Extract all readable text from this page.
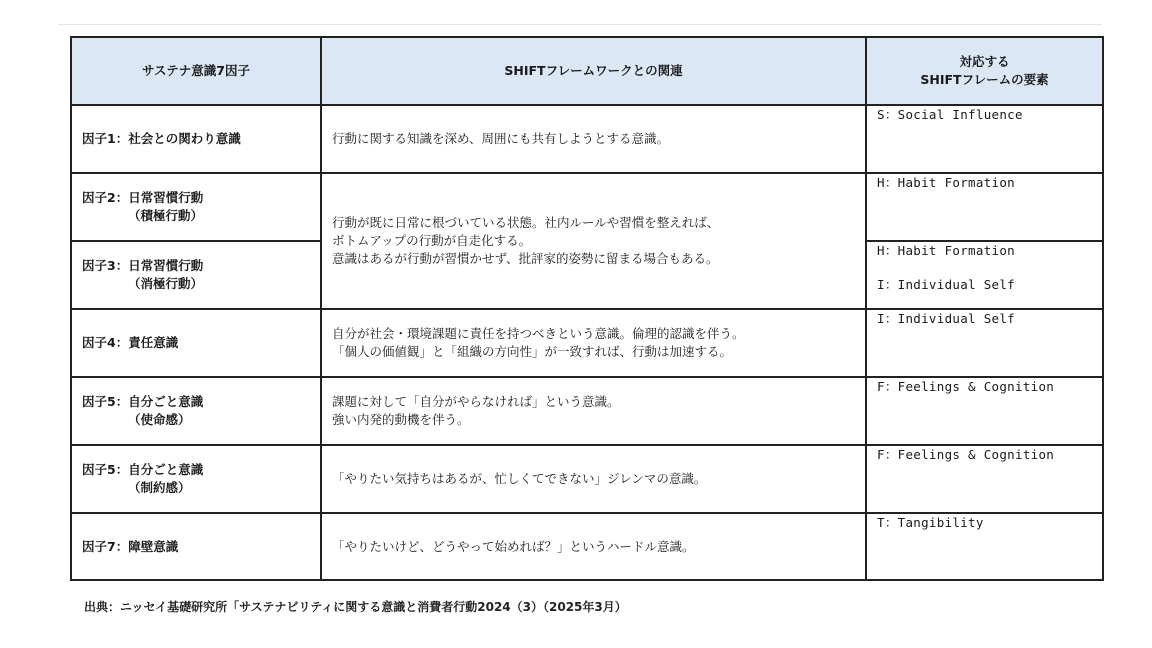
サステナ意識7因子	SHIFTフレームワークとの関連	対応する
SHIFTフレームの要素

因子1：社会との関わり意識	行動に関する知識を深め、周囲にも共有しようとする意識。	S：Social Influence

因子2：日常習慣行動
（積極行動）	行動が既に日常に根づいている状態。社内ルールや習慣を整えれば、
ボトムアップの行動が自走化する。
意識はあるが行動が習慣かせず、批評家的姿勢に留まる場合もある。	H：Habit Formation

因子3：日常習慣行動
（消極行動）		H：Habit Formation
I：Individual Self

因子4：責任意識	自分が社会・環境課題に責任を持つべきという意識。倫理的認識を伴う。
「個人の価値観」と「組織の方向性」が一致すれば、行動は加速する。	I：Individual Self

因子5：自分ごと意識
（使命感）	課題に対して「自分がやらなければ」という意識。
強い内発的動機を伴う。	F：Feelings & Cognition

因子5：自分ごと意識
（制約感）	「やりたい気持ちはあるが、忙しくてできない」ジレンマの意識。	F：Feelings & Cognition

因子7：障壁意識	「やりたいけど、どうやって始めれば？」というハードル意識。	T：Tangibility
出典：ニッセイ基礎研究所「サステナビリティに関する意識と消費者行動2024（3）（2025年3月）
